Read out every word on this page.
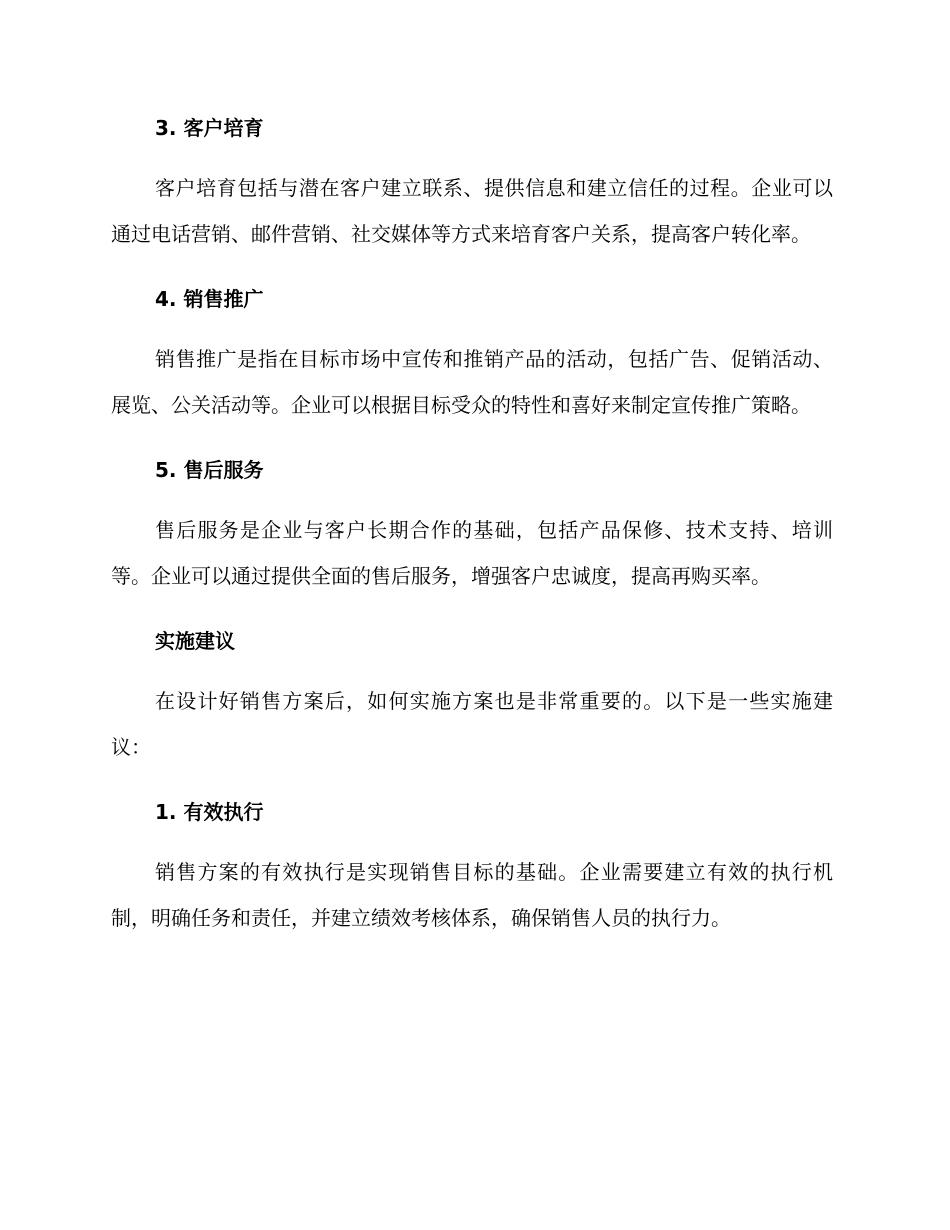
3. 客户培育

客户培育包括与潜在客户建立联系、提供信息和建立信任的过程。企业可以通过电话营销、邮件营销、社交媒体等方式来培育客户关系，提高客户转化率。

4. 销售推广

销售推广是指在目标市场中宣传和推销产品的活动，包括广告、促销活动、展览、公关活动等。企业可以根据目标受众的特性和喜好来制定宣传推广策略。

5. 售后服务

售后服务是企业与客户长期合作的基础，包括产品保修、技术支持、培训等。企业可以通过提供全面的售后服务，增强客户忠诚度，提高再购买率。

实施建议

在设计好销售方案后，如何实施方案也是非常重要的。以下是一些实施建议：

1. 有效执行

销售方案的有效执行是实现销售目标的基础。企业需要建立有效的执行机制，明确任务和责任，并建立绩效考核体系，确保销售人员的执行力。
